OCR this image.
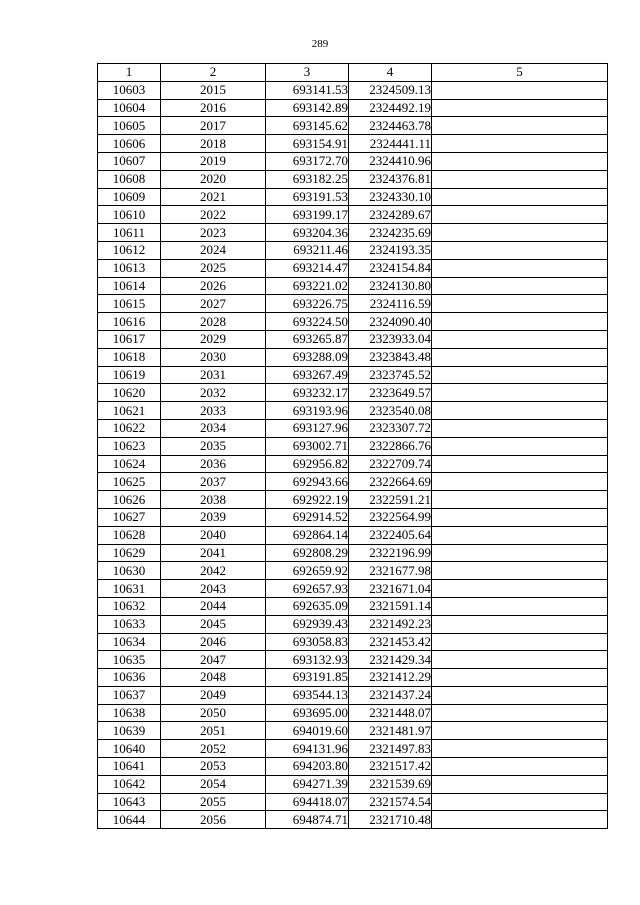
289
1	2	3	4	5
10603	2015	693141.53	2324509.13	
10604	2016	693142.89	2324492.19	
10605	2017	693145.62	2324463.78	
10606	2018	693154.91	2324441.11	
10607	2019	693172.70	2324410.96	
10608	2020	693182.25	2324376.81	
10609	2021	693191.53	2324330.10	
10610	2022	693199.17	2324289.67	
10611	2023	693204.36	2324235.69	
10612	2024	693211.46	2324193.35	
10613	2025	693214.47	2324154.84	
10614	2026	693221.02	2324130.80	
10615	2027	693226.75	2324116.59	
10616	2028	693224.50	2324090.40	
10617	2029	693265.87	2323933.04	
10618	2030	693288.09	2323843.48	
10619	2031	693267.49	2323745.52	
10620	2032	693232.17	2323649.57	
10621	2033	693193.96	2323540.08	
10622	2034	693127.96	2323307.72	
10623	2035	693002.71	2322866.76	
10624	2036	692956.82	2322709.74	
10625	2037	692943.66	2322664.69	
10626	2038	692922.19	2322591.21	
10627	2039	692914.52	2322564.99	
10628	2040	692864.14	2322405.64	
10629	2041	692808.29	2322196.99	
10630	2042	692659.92	2321677.98	
10631	2043	692657.93	2321671.04	
10632	2044	692635.09	2321591.14	
10633	2045	692939.43	2321492.23	
10634	2046	693058.83	2321453.42	
10635	2047	693132.93	2321429.34	
10636	2048	693191.85	2321412.29	
10637	2049	693544.13	2321437.24	
10638	2050	693695.00	2321448.07	
10639	2051	694019.60	2321481.97	
10640	2052	694131.96	2321497.83	
10641	2053	694203.80	2321517.42	
10642	2054	694271.39	2321539.69	
10643	2055	694418.07	2321574.54	
10644	2056	694874.71	2321710.48	
